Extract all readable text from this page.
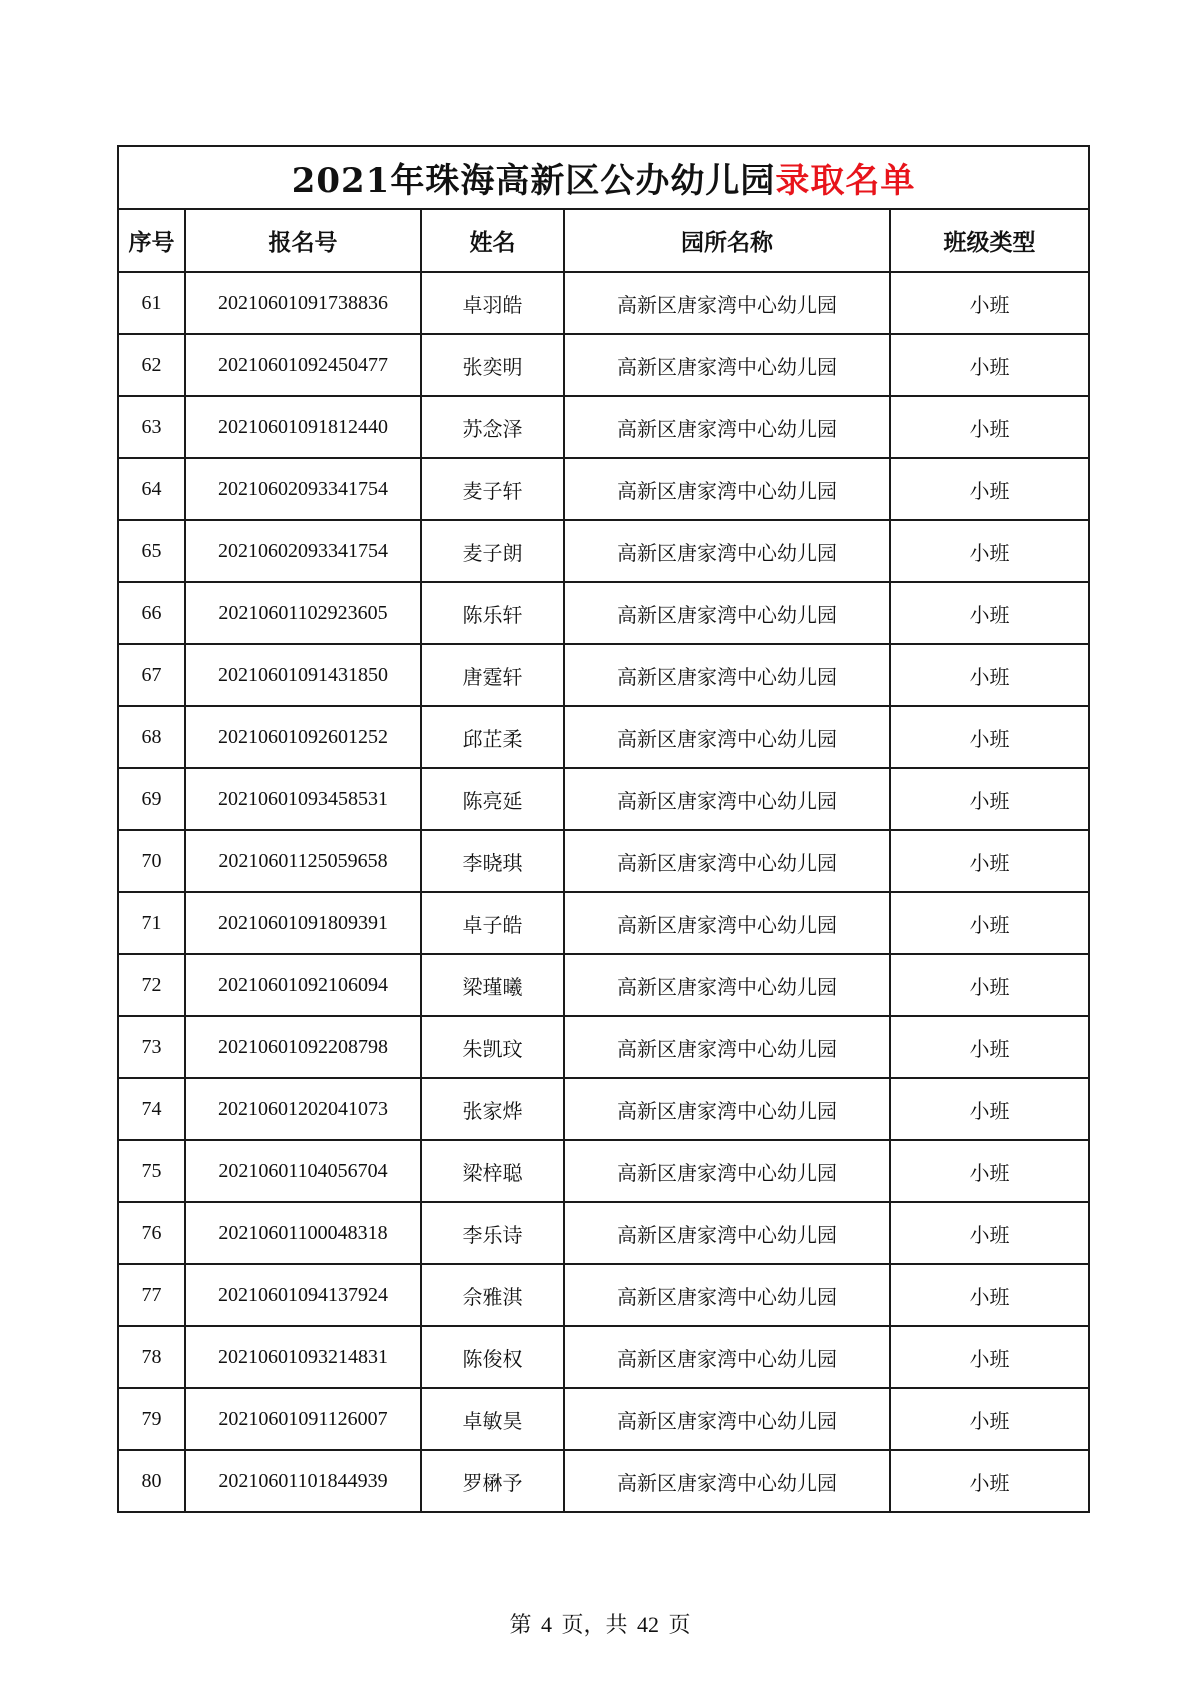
2021年珠海高新区公办幼儿园录取名单				
序号	报名号	姓名	园所名称	班级类型
61	20210601091738836	卓羽皓	高新区唐家湾中心幼儿园	小班
62	20210601092450477	张奕明	高新区唐家湾中心幼儿园	小班
63	20210601091812440	苏念泽	高新区唐家湾中心幼儿园	小班
64	20210602093341754	麦子轩	高新区唐家湾中心幼儿园	小班
65	20210602093341754	麦子朗	高新区唐家湾中心幼儿园	小班
66	20210601102923605	陈乐轩	高新区唐家湾中心幼儿园	小班
67	20210601091431850	唐霆轩	高新区唐家湾中心幼儿园	小班
68	20210601092601252	邱芷柔	高新区唐家湾中心幼儿园	小班
69	20210601093458531	陈亮延	高新区唐家湾中心幼儿园	小班
70	20210601125059658	李晓琪	高新区唐家湾中心幼儿园	小班
71	20210601091809391	卓子皓	高新区唐家湾中心幼儿园	小班
72	20210601092106094	梁瑾曦	高新区唐家湾中心幼儿园	小班
73	20210601092208798	朱凯玟	高新区唐家湾中心幼儿园	小班
74	20210601202041073	张家烨	高新区唐家湾中心幼儿园	小班
75	20210601104056704	梁梓聪	高新区唐家湾中心幼儿园	小班
76	20210601100048318	李乐诗	高新区唐家湾中心幼儿园	小班
77	20210601094137924	佘雅淇	高新区唐家湾中心幼儿园	小班
78	20210601093214831	陈俊权	高新区唐家湾中心幼儿园	小班
79	20210601091126007	卓敏昊	高新区唐家湾中心幼儿园	小班
80	20210601101844939	罗楙予	高新区唐家湾中心幼儿园	小班
第 4 页，共 42 页
